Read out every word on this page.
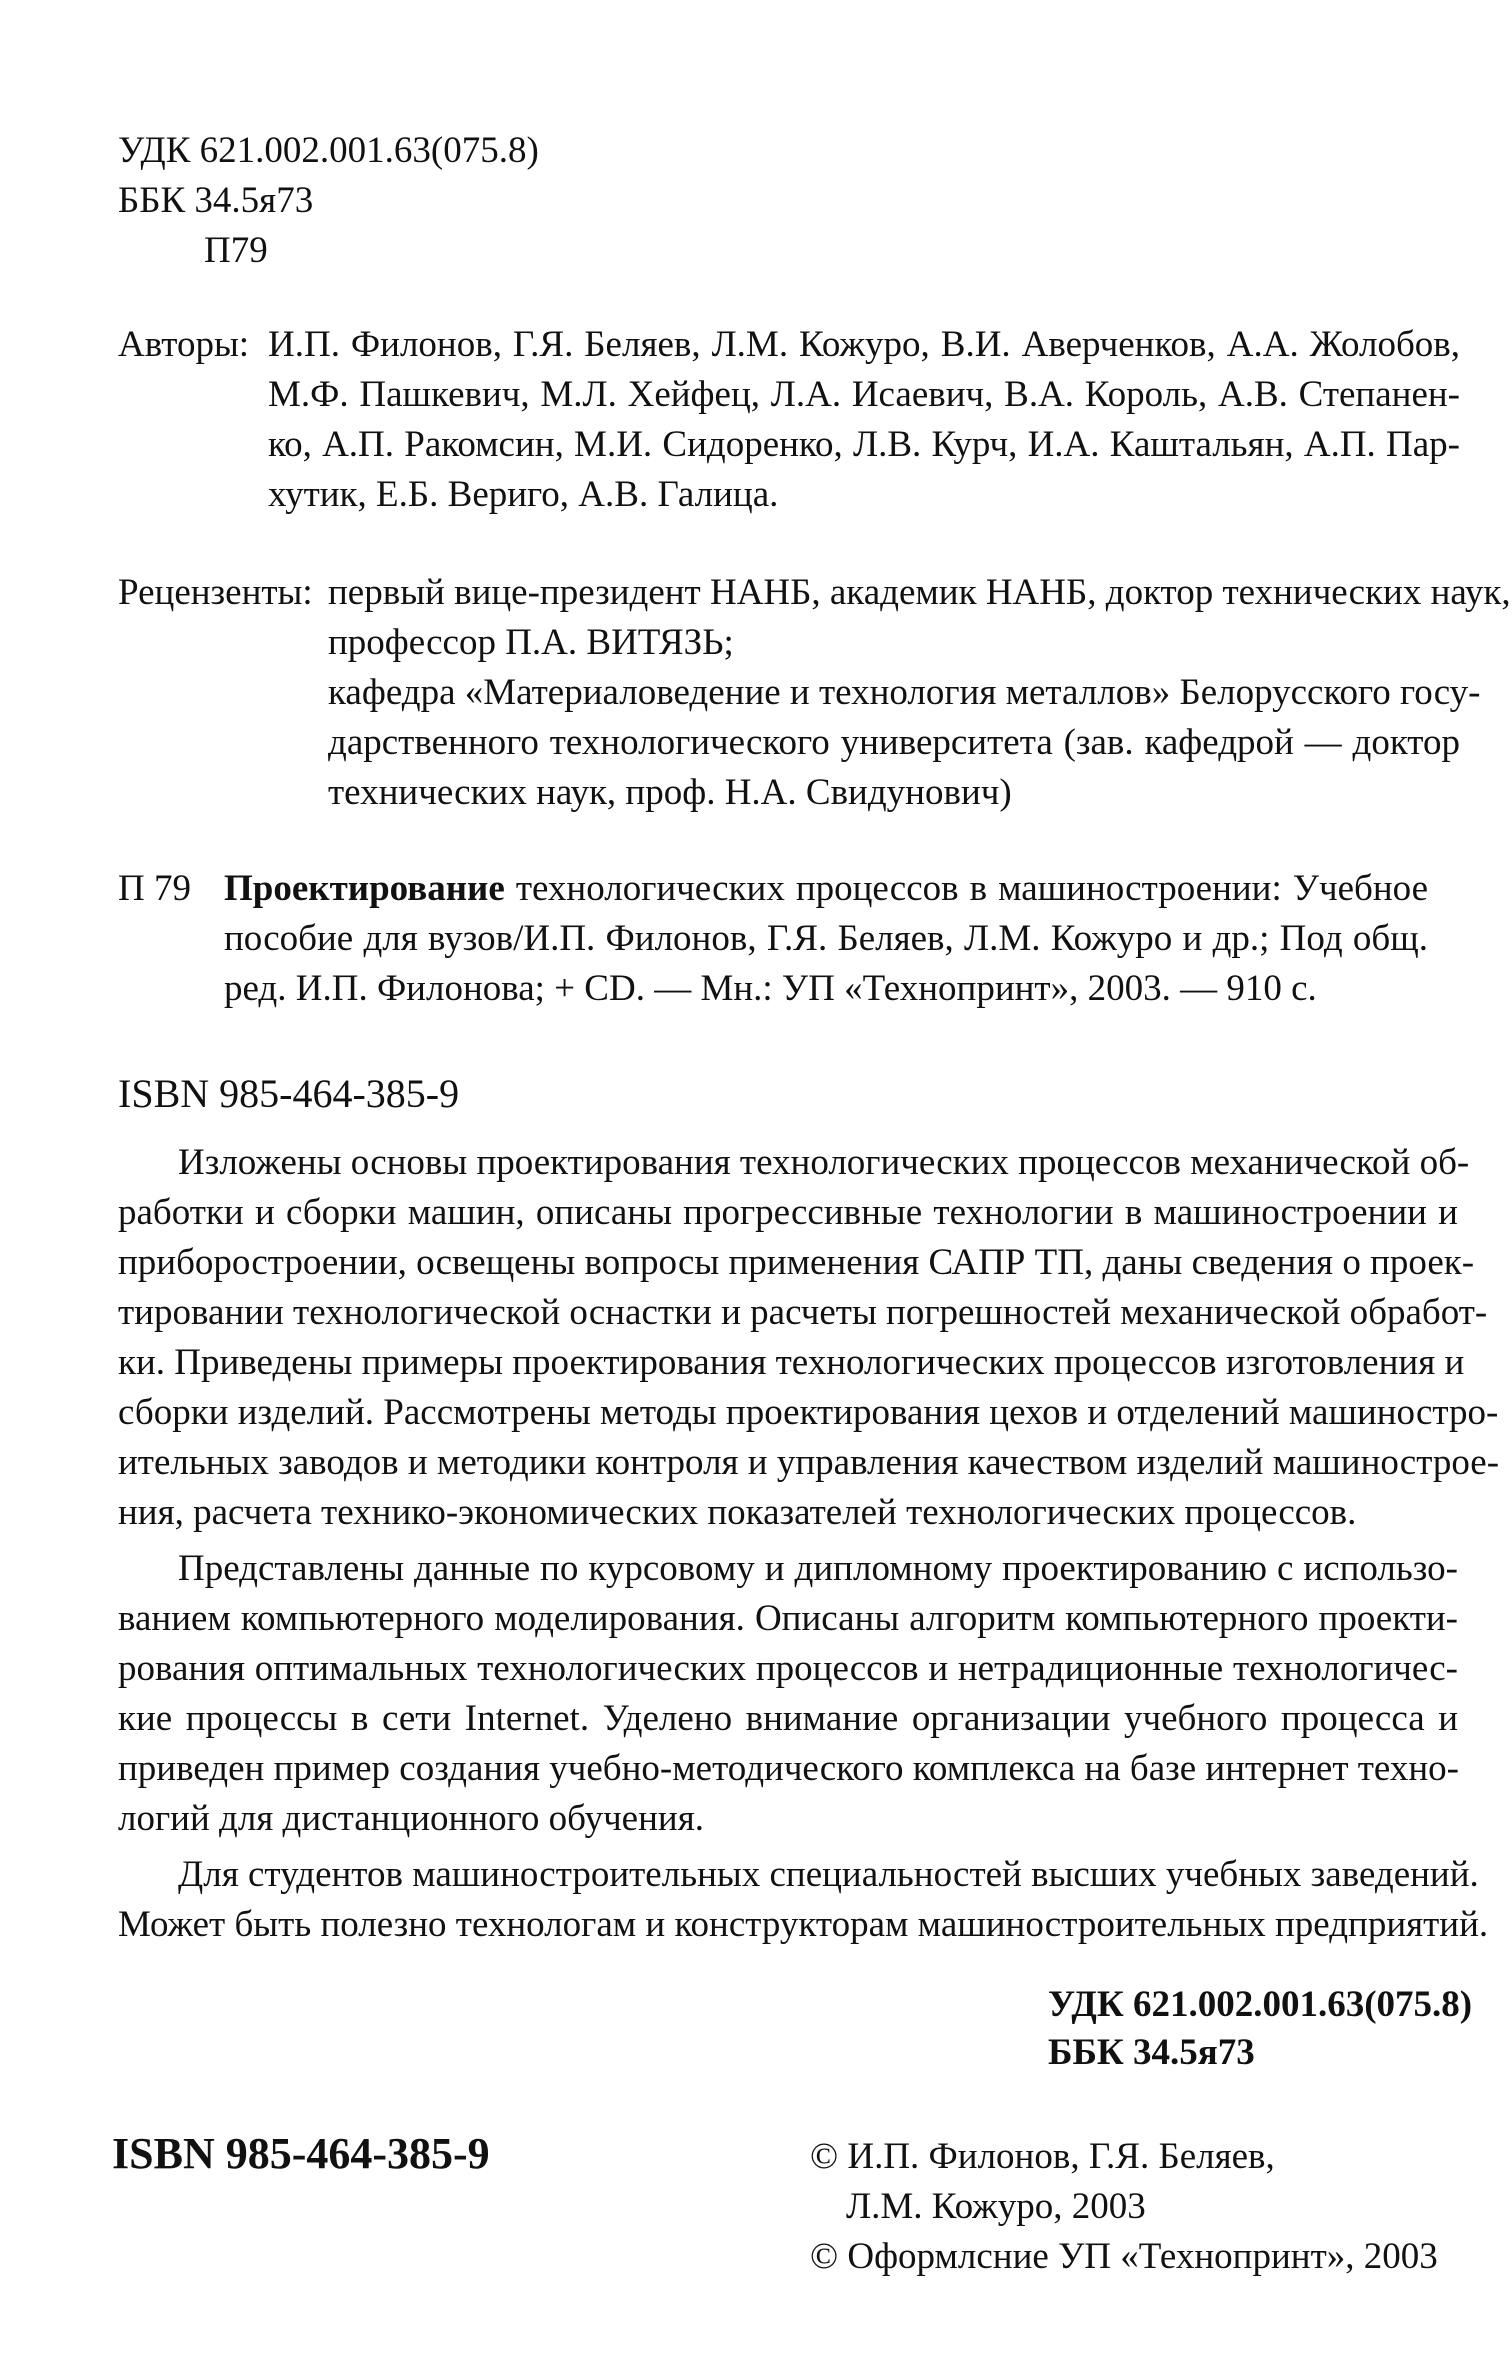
УДК 621.002.001.63(075.8)
ББК 34.5я73
П79
Авторы: И.П. Филонов, Г.Я. Беляев, Л.М. Кожуро, В.И. Аверченков, А.А. Жолобов,
М.Ф. Пашкевич, М.Л. Хейфец, Л.А. Исаевич, В.А. Король, А.В. Степанен-
ко, А.П. Ракомсин, М.И. Сидоренко, Л.В. Курч, И.А. Каштальян, А.П. Пар-
хутик, Е.Б. Вериго, А.В. Галица.
Рецензенты: первый вице-президент НАНБ, академик НАНБ, доктор технических наук,
профессор П.А. ВИТЯЗЬ;
кафедра «Материаловедение и технология металлов» Белорусского госу-
дарственного технологического университета (зав. кафедрой — доктор
технических наук, проф. Н.А. Свидунович)
П 79 Проектирование технологических процессов в машиностроении: Учебное
пособие для вузов/И.П. Филонов, Г.Я. Беляев, Л.М. Кожуро и др.; Под общ.
ред. И.П. Филонова; + CD. — Мн.: УП «Технопринт», 2003. — 910 с.
ISBN 985-464-385-9
Изложены основы проектирования технологических процессов механической об-
работки и сборки машин, описаны прогрессивные технологии в машиностроении и
приборостроении, освещены вопросы применения САПР ТП, даны сведения о проек-
тировании технологической оснастки и расчеты погрешностей механической обработ-
ки. Приведены примеры проектирования технологических процессов изготовления и
сборки изделий. Рассмотрены методы проектирования цехов и отделений машиностро-
ительных заводов и методики контроля и управления качеством изделий машинострое-
ния, расчета технико-экономических показателей технологических процессов.
Представлены данные по курсовому и дипломному проектированию с использо-
ванием компьютерного моделирования. Описаны алгоритм компьютерного проекти-
рования оптимальных технологических процессов и нетрадиционные технологичес-
кие процессы в сети Internet. Уделено внимание организации учебного процесса и
приведен пример создания учебно-методического комплекса на базе интернет техно-
логий для дистанционного обучения.
Для студентов машиностроительных специальностей высших учебных заведений.
Может быть полезно технологам и конструкторам машиностроительных предприятий.
УДК 621.002.001.63(075.8)
ББК 34.5я73
ISBN 985-464-385-9	© И.П. Филонов, Г.Я. Беляев,
Л.М. Кожуро, 2003
© Оформлсние УП «Технопринт», 2003
